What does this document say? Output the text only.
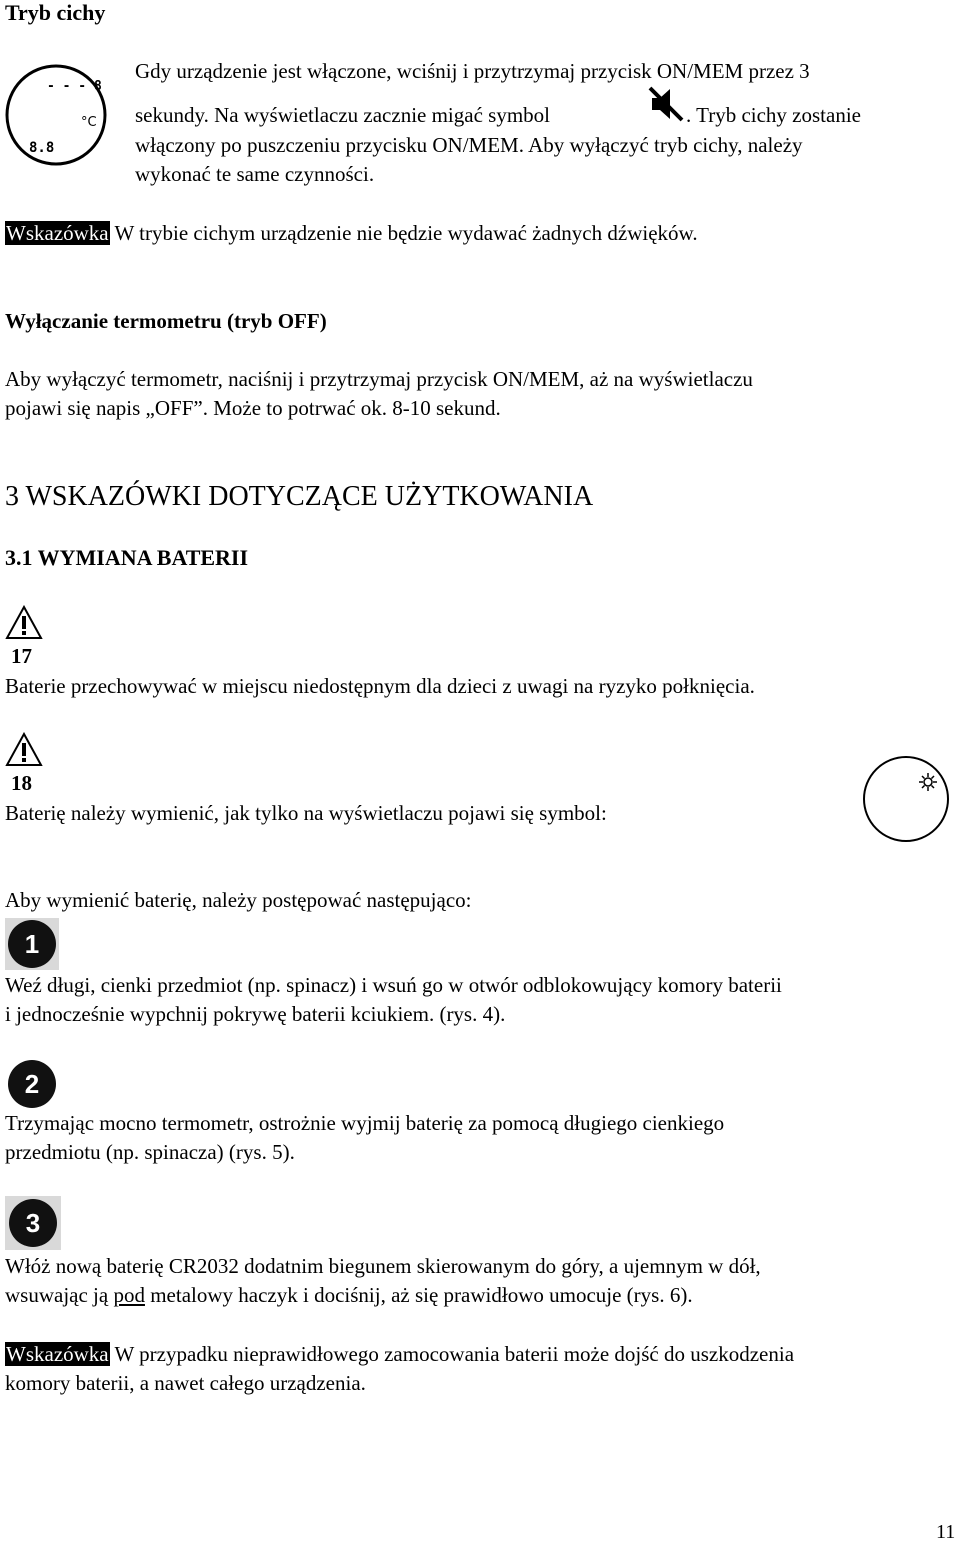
Tryb cichy
- - - 8
°C
8.8
Gdy urządzenie jest włączone, wciśnij i przytrzymaj przycisk ON/MEM przez 3
sekundy. Na wyświetlaczu zacznie migać symbol	. Tryb cichy zostanie
włączony po puszczeniu przycisku ON/MEM. Aby wyłączyć tryb cichy, należy
wykonać te same czynności.
Wskazówka W trybie cichym urządzenie nie będzie wydawać żadnych dźwięków.
Wyłączanie termometru (tryb OFF)
Aby wyłączyć termometr, naciśnij i przytrzymaj przycisk ON/MEM, aż na wyświetlaczu
pojawi się napis „OFF”. Może to potrwać ok. 8-10 sekund.
3 WSKAZÓWKI DOTYCZĄCE UŻYTKOWANIA
3.1 WYMIANA BATERII
17
Baterie przechowywać w miejscu niedostępnym dla dzieci z uwagi na ryzyko połknięcia.
18
Baterię należy wymienić, jak tylko na wyświetlaczu pojawi się symbol:
Aby wymienić baterię, należy postępować następująco:
1
Weź długi, cienki przedmiot (np. spinacz) i wsuń go w otwór odblokowujący komory baterii
i jednocześnie wypchnij pokrywę baterii kciukiem. (rys. 4).
2
Trzymając mocno termometr, ostrożnie wyjmij baterię za pomocą długiego cienkiego
przedmiotu (np. spinacza) (rys. 5).
3
Włóż nową baterię CR2032 dodatnim biegunem skierowanym do góry, a ujemnym w dół,
wsuwając ją pod metalowy haczyk i dociśnij, aż się prawidłowo umocuje (rys. 6).
Wskazówka W przypadku nieprawidłowego zamocowania baterii może dojść do uszkodzenia
komory baterii, a nawet całego urządzenia.
11
